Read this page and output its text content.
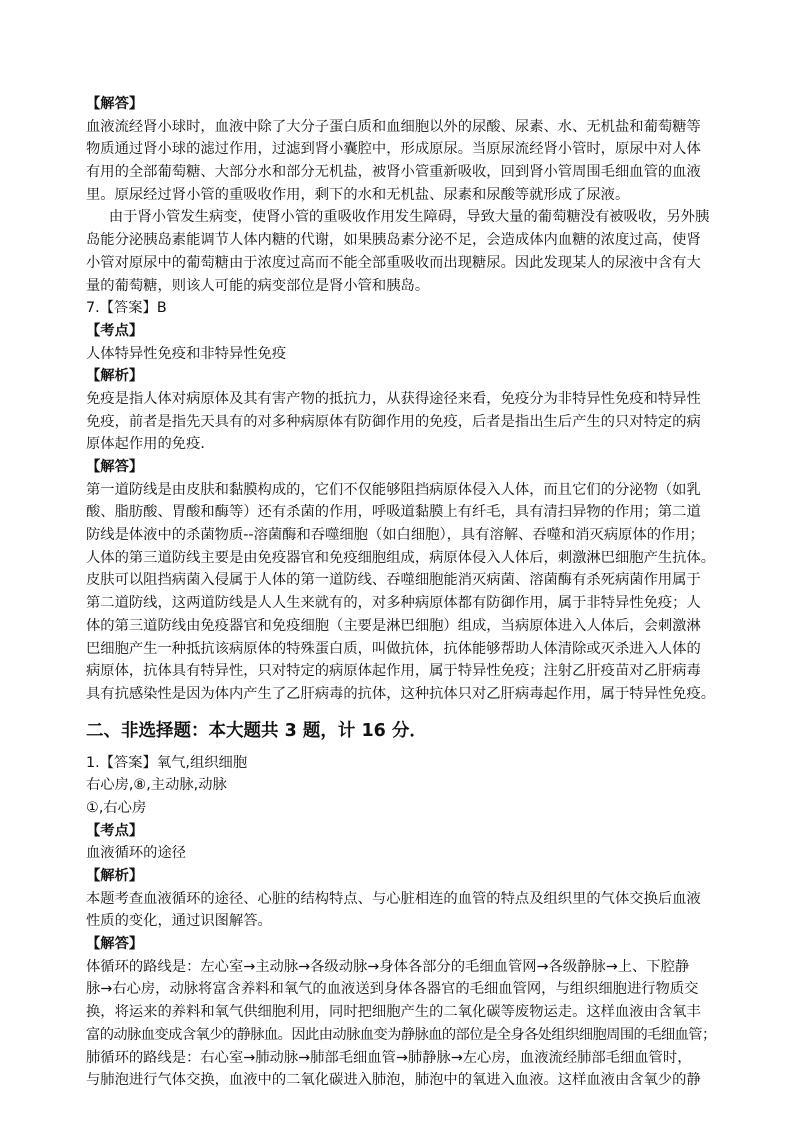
【解答】
血液流经肾小球时，血液中除了大分子蛋白质和血细胞以外的尿酸、尿素、水、无机盐和葡萄糖等
物质通过肾小球的滤过作用，过滤到肾小囊腔中，形成原尿。当原尿流经肾小管时，原尿中对人体
有用的全部葡萄糖、大部分水和部分无机盐，被肾小管重新吸收，回到肾小管周围毛细血管的血液
里。原尿经过肾小管的重吸收作用，剩下的水和无机盐、尿素和尿酸等就形成了尿液。
由于肾小管发生病变，使肾小管的重吸收作用发生障碍，导致大量的葡萄糖没有被吸收，另外胰
岛能分泌胰岛素能调节人体内糖的代谢，如果胰岛素分泌不足，会造成体内血糖的浓度过高，使肾
小管对原尿中的葡萄糖由于浓度过高而不能全部重吸收而出现糖尿。因此发现某人的尿液中含有大
量的葡萄糖，则该人可能的病变部位是肾小管和胰岛。
7.【答案】B
【考点】
人体特异性免疫和非特异性免疫
【解析】
免疫是指人体对病原体及其有害产物的抵抗力，从获得途径来看，免疫分为非特异性免疫和特异性
免疫，前者是指先天具有的对多种病原体有防御作用的免疫，后者是指出生后产生的只对特定的病
原体起作用的免疫．
【解答】
第一道防线是由皮肤和黏膜构成的，它们不仅能够阻挡病原体侵入人体，而且它们的分泌物（如乳
酸、脂肪酸、胃酸和酶等）还有杀菌的作用，呼吸道黏膜上有纤毛，具有清扫异物的作用；第二道
防线是体液中的杀菌物质--溶菌酶和吞噬细胞（如白细胞），具有溶解、吞噬和消灭病原体的作用；
人体的第三道防线主要是由免疫器官和免疫细胞组成，病原体侵入人体后，刺激淋巴细胞产生抗体。
皮肤可以阻挡病菌入侵属于人体的第一道防线、吞噬细胞能消灭病菌、溶菌酶有杀死病菌作用属于
第二道防线，这两道防线是人人生来就有的，对多种病原体都有防御作用，属于非特异性免疫；人
体的第三道防线由免疫器官和免疫细胞（主要是淋巴细胞）组成，当病原体进入人体后，会刺激淋
巴细胞产生一种抵抗该病原体的特殊蛋白质，叫做抗体，抗体能够帮助人体清除或灭杀进入人体的
病原体，抗体具有特异性，只对特定的病原体起作用，属于特异性免疫；注射乙肝疫苗对乙肝病毒
具有抗感染性是因为体内产生了乙肝病毒的抗体，这种抗体只对乙肝病毒起作用，属于特异性免疫。
二、非选择题：本大题共 3 题，计 16 分．
1.【答案】氧气,组织细胞
右心房,⑧,主动脉,动脉
①,右心房
【考点】
血液循环的途径
【解析】
本题考查血液循环的途径、心脏的结构特点、与心脏相连的血管的特点及组织里的气体交换后血液
性质的变化，通过识图解答。
【解答】
体循环的路线是：左心室→主动脉→各级动脉→身体各部分的毛细血管网→各级静脉→上、下腔静
脉→右心房，动脉将富含养料和氧气的血液送到身体各器官的毛细血管网，与组织细胞进行物质交
换，将运来的养料和氧气供细胞利用，同时把细胞产生的二氧化碳等废物运走。这样血液由含氧丰
富的动脉血变成含氧少的静脉血。因此由动脉血变为静脉血的部位是全身各处组织细胞周围的毛细血管；
肺循环的路线是：右心室→肺动脉→肺部毛细血管→肺静脉→左心房，血液流经肺部毛细血管时，
与肺泡进行气体交换，血液中的二氧化碳进入肺泡，肺泡中的氧进入血液。这样血液由含氧少的静
